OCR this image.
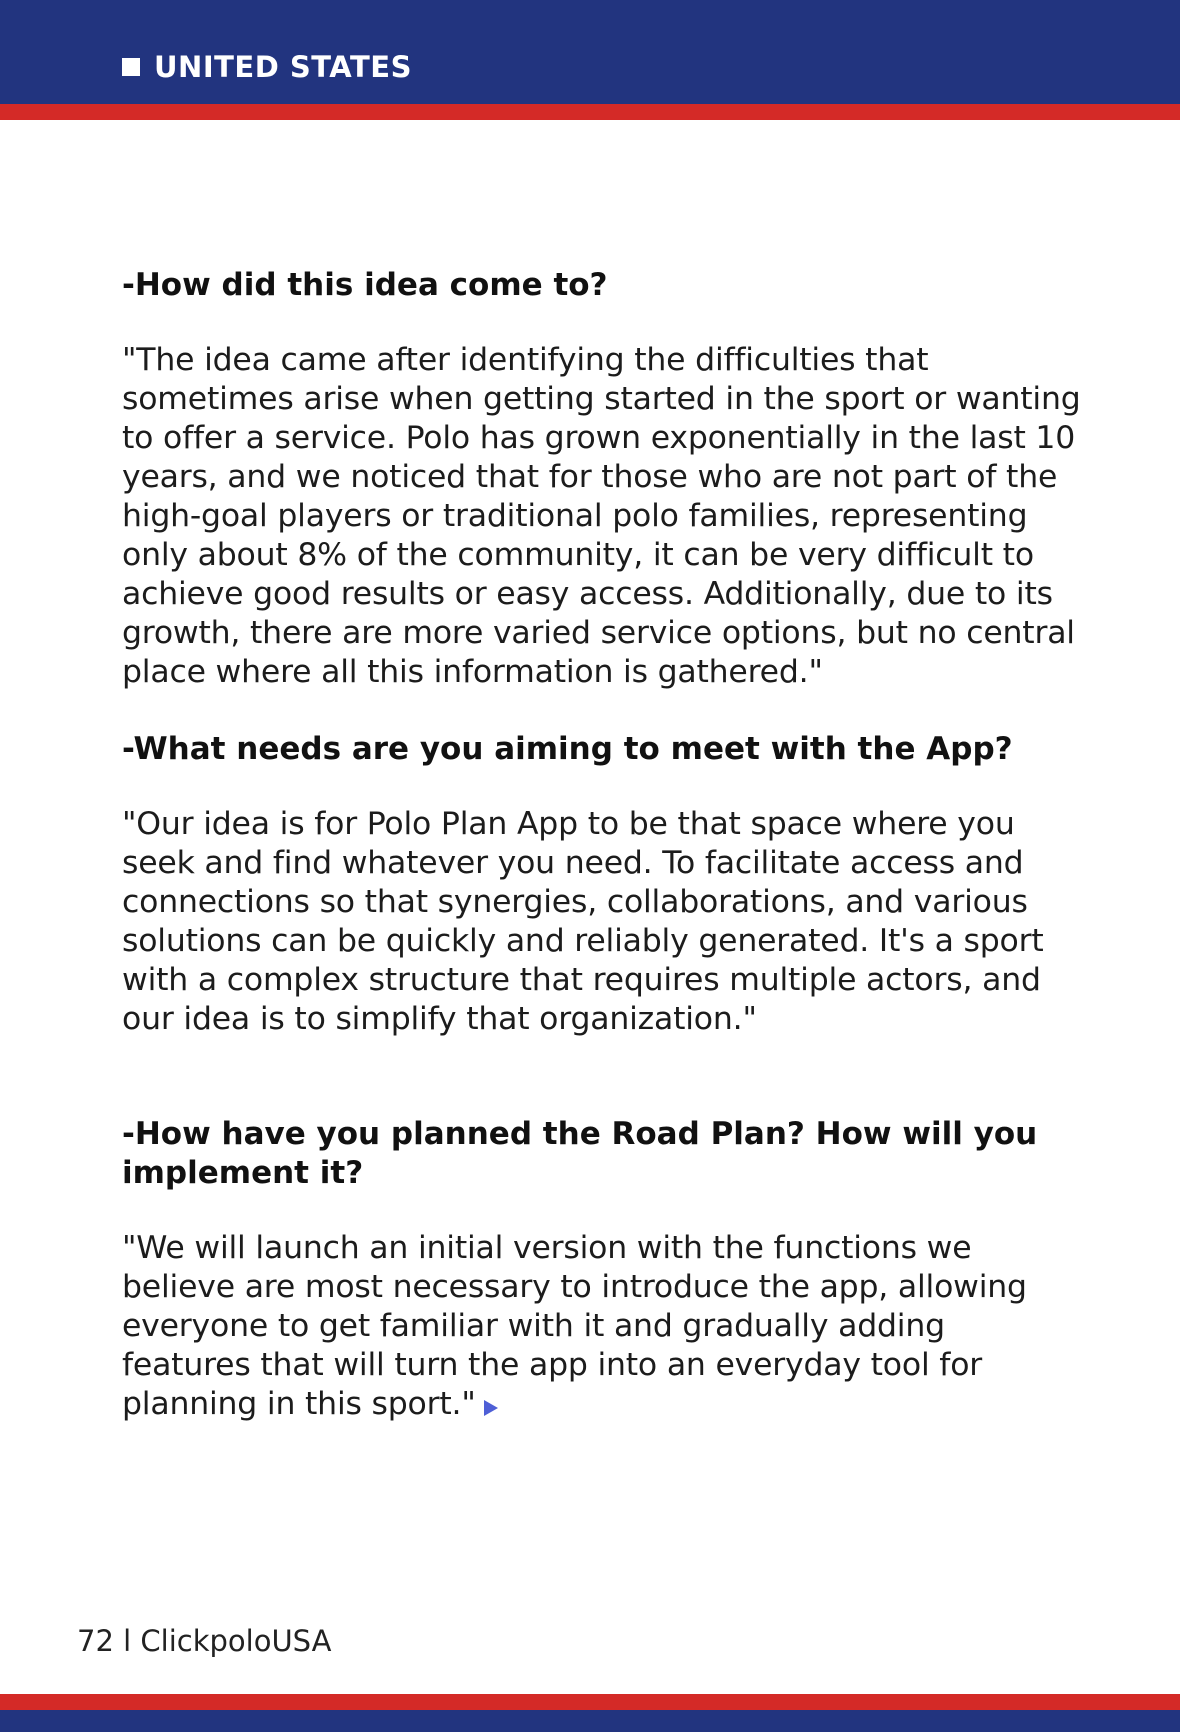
UNITED STATES

-How did this idea come to?

"The idea came after identifying the difficulties that sometimes arise when getting started in the sport or wanting to offer a service. Polo has grown exponentially in the last 10 years, and we noticed that for those who are not part of the high-goal players or traditional polo families, representing only about 8% of the community, it can be very difficult to achieve good results or easy access. Additionally, due to its growth, there are more varied service options, but no central place where all this information is gathered."

-What needs are you aiming to meet with the App?

"Our idea is for Polo Plan App to be that space where you seek and find whatever you need. To facilitate access and connections so that synergies, collaborations, and various solutions can be quickly and reliably generated. It's a sport with a complex structure that requires multiple actors, and our idea is to simplify that organization."

-How have you planned the Road Plan? How will you implement it?

"We will launch an initial version with the functions we believe are most necessary to introduce the app, allowing everyone to get familiar with it and gradually adding features that will turn the app into an everyday tool for planning in this sport."

72 l ClickpoloUSA
